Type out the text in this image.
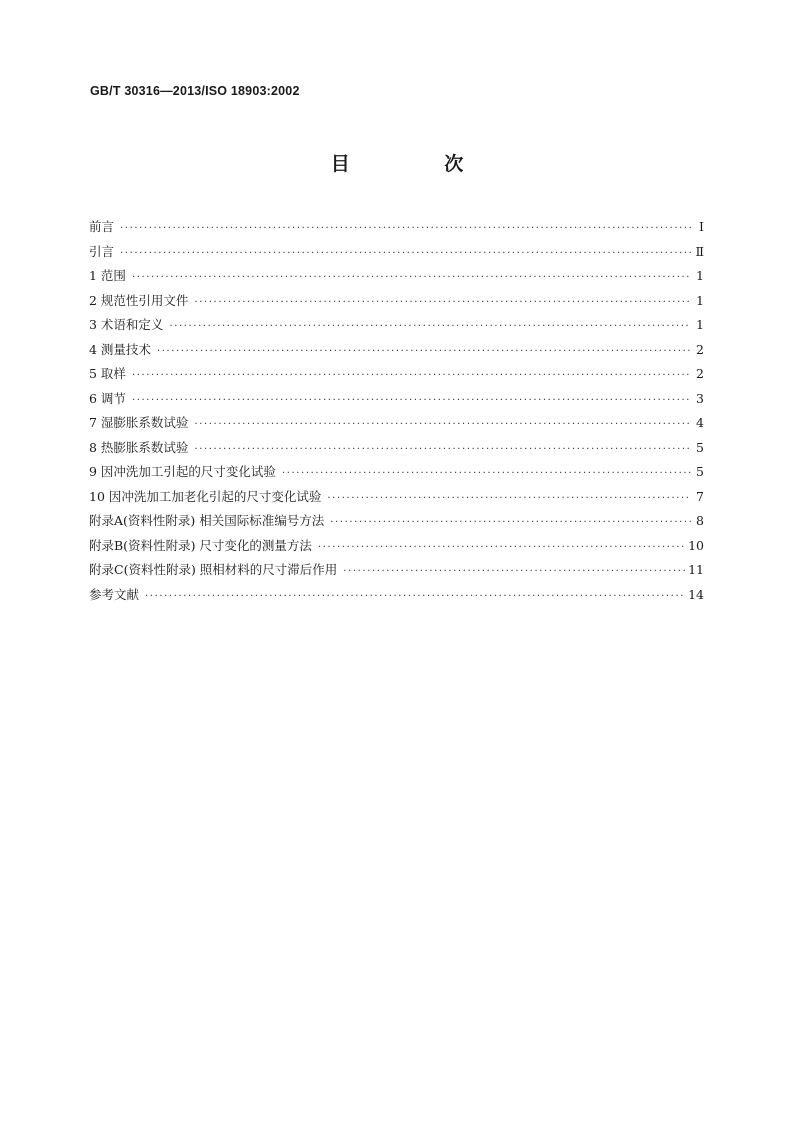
GB/T 30316—2013/ISO 18903:2002
目 次
前言 ·····	Ⅰ
引言 ·····	Ⅱ
1 范围 ·····	1
2 规范性引用文件 ·····	1
3 术语和定义 ·····	1
4 测量技术 ·····	2
5 取样 ·····	2
6 调节 ·····	3
7 湿膨胀系数试验 ·····	4
8 热膨胀系数试验 ·····	5
9 因冲洗加工引起的尺寸变化试验 ·····	5
10 因冲洗加工加老化引起的尺寸变化试验 ·····	7
附录A(资料性附录) 相关国际标准编号方法 ·····	8
附录B(资料性附录) 尺寸变化的测量方法 ·····	10
附录C(资料性附录) 照相材料的尺寸滞后作用 ·····	11
参考文献 ·····	14
